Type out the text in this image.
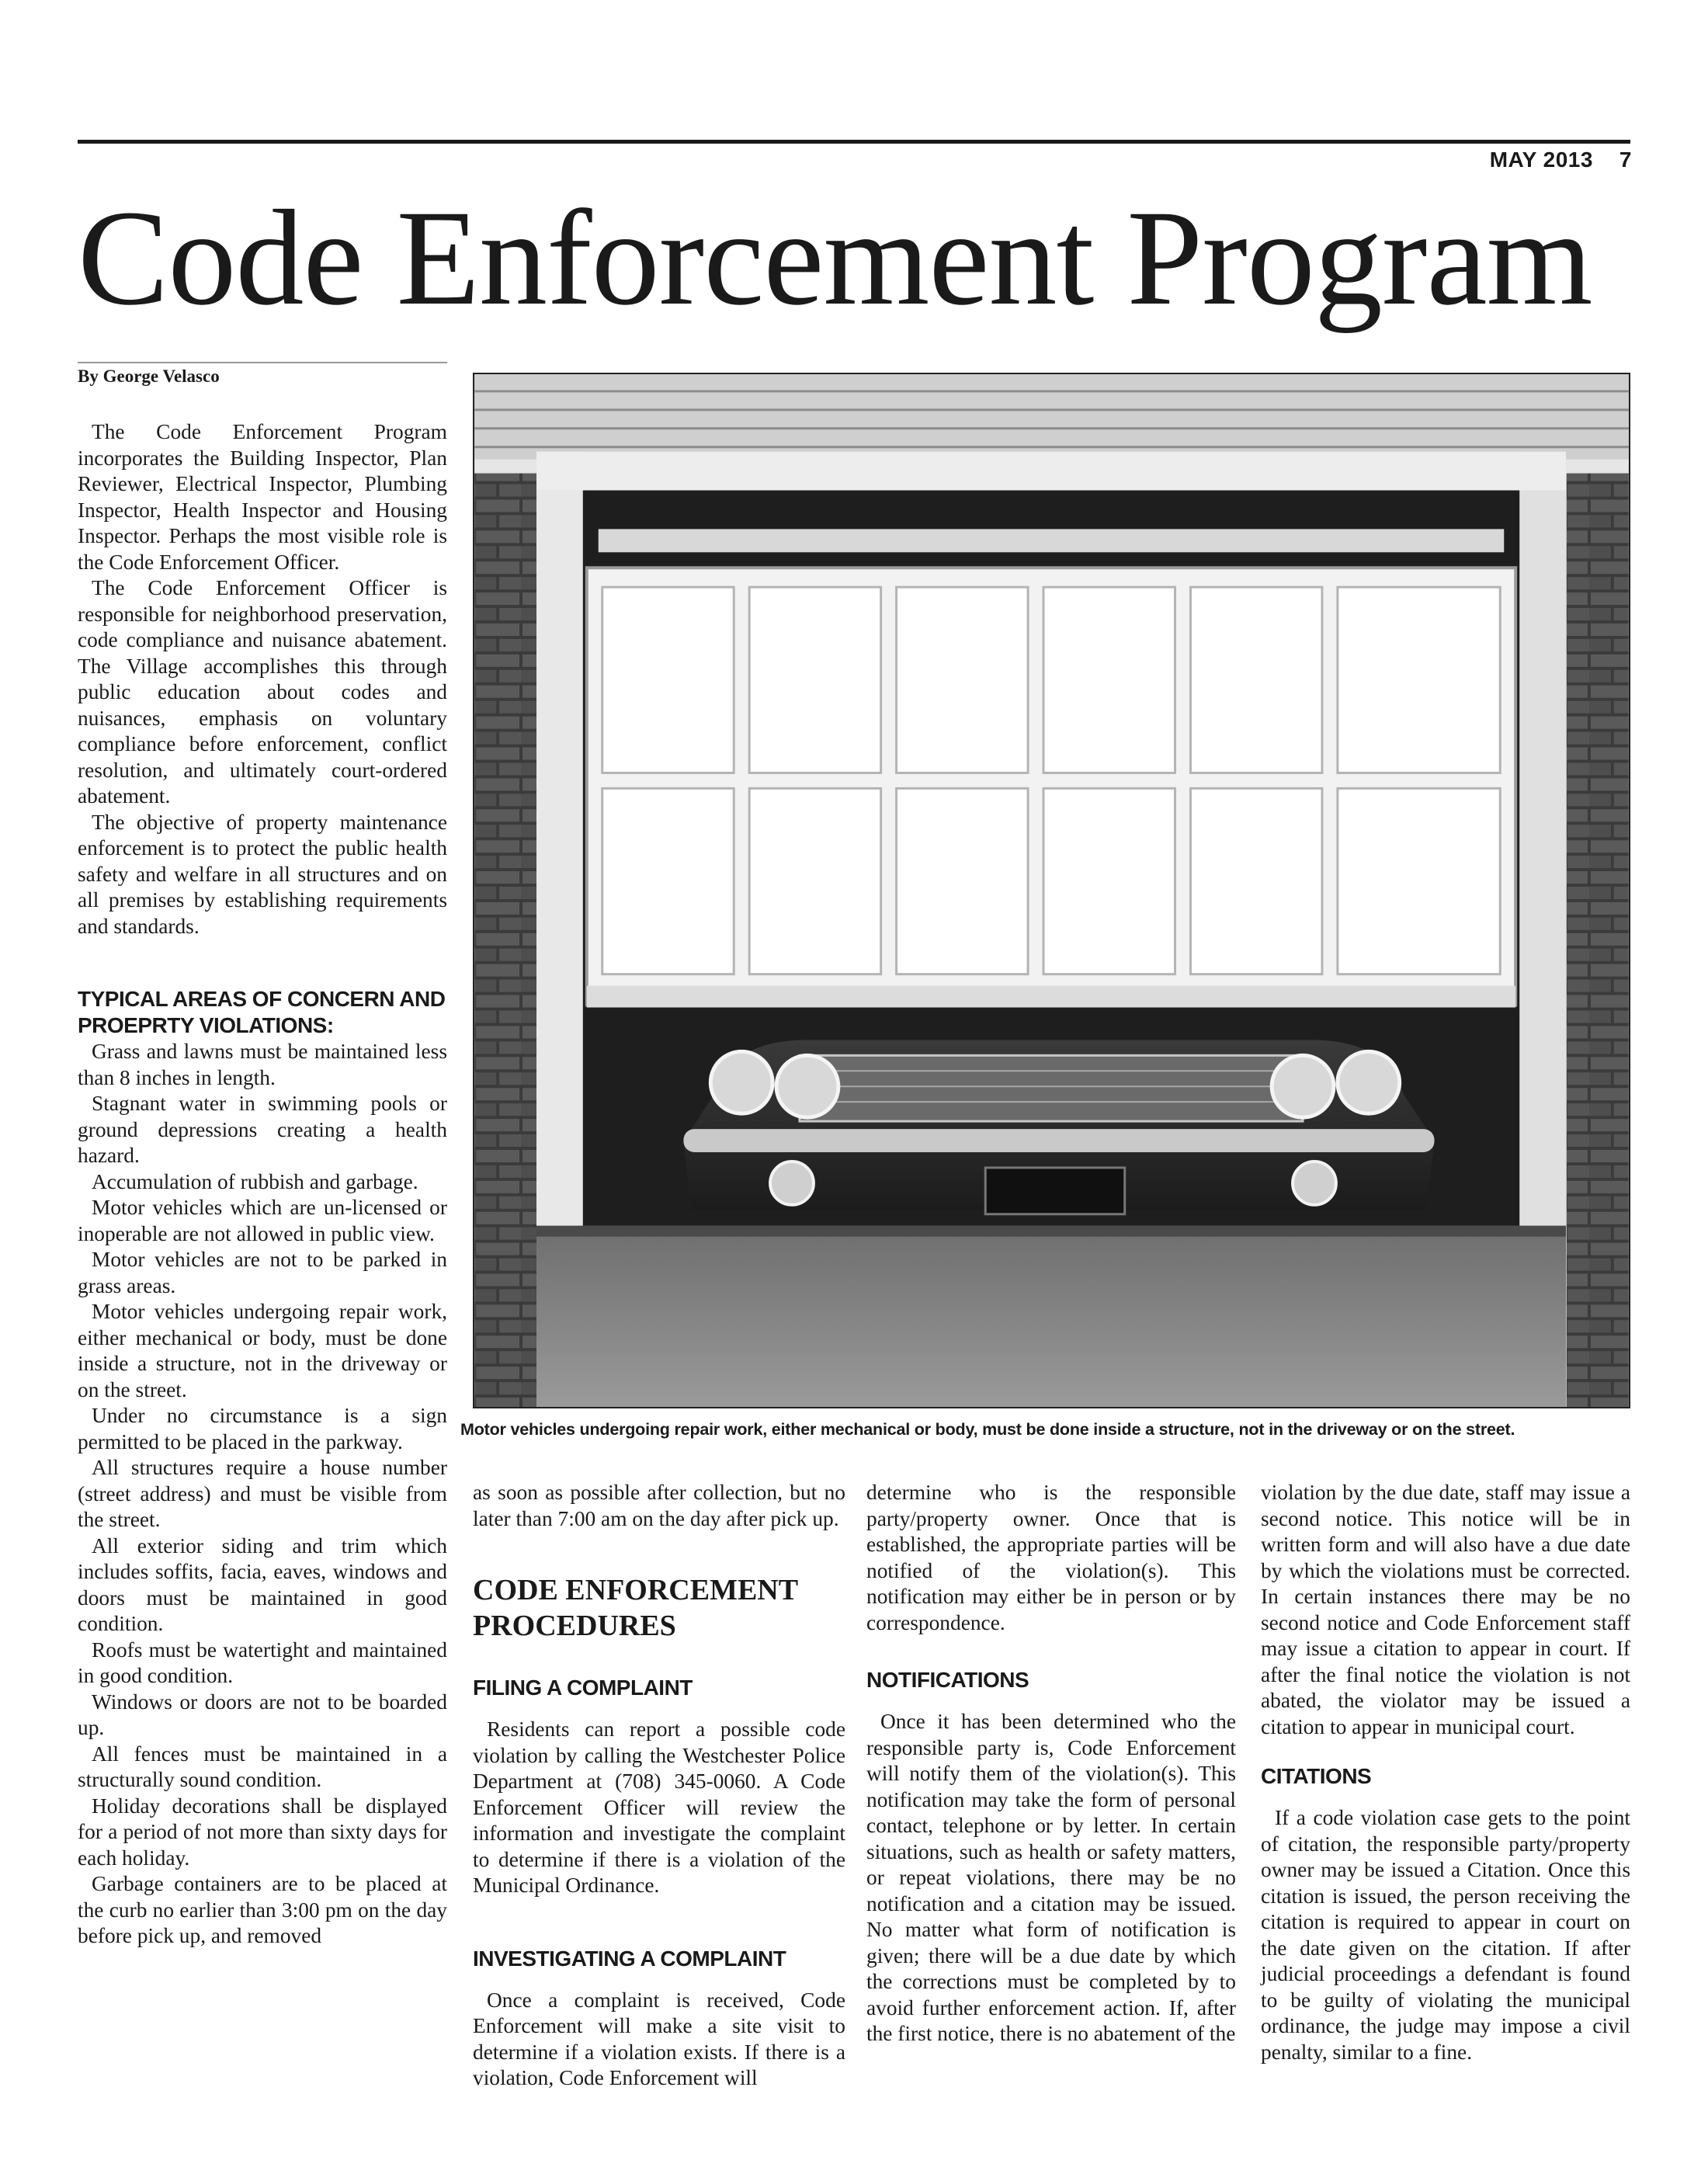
MAY 2013 7
Code Enforcement Program
By George Velasco

The Code Enforcement Program incorporates the Building Inspector, Plan Reviewer, Electrical Inspector, Plumbing Inspector, Health Inspector and Housing Inspector. Perhaps the most visible role is the Code Enforcement Officer.

The Code Enforcement Officer is responsible for neighborhood preservation, code compliance and nuisance abatement. The Village accomplishes this through public education about codes and nuisances, emphasis on voluntary compliance before enforcement, conflict resolution, and ultimately court-ordered abatement.

The objective of property maintenance enforcement is to protect the public health safety and welfare in all structures and on all premises by establishing requirements and standards.

TYPICAL AREAS OF CONCERN AND PROEPRTY VIOLATIONS:

Grass and lawns must be maintained less than 8 inches in length.

Stagnant water in swimming pools or ground depressions creating a health hazard.

Accumulation of rubbish and garbage.

Motor vehicles which are un-licensed or inoperable are not allowed in public view.

Motor vehicles are not to be parked in grass areas.

Motor vehicles undergoing repair work, either mechanical or body, must be done inside a structure, not in the driveway or on the street.

Under no circumstance is a sign permitted to be placed in the parkway.

All structures require a house number (street address) and must be visible from the street.

All exterior siding and trim which includes soffits, facia, eaves, windows and doors must be maintained in good condition.

Roofs must be watertight and maintained in good condition.

Windows or doors are not to be boarded up.

All fences must be maintained in a structurally sound condition.

Holiday decorations shall be displayed for a period of not more than sixty days for each holiday.

Garbage containers are to be placed at the curb no earlier than 3:00 pm on the day before pick up, and removed

Motor vehicles undergoing repair work, either mechanical or body, must be done inside a structure, not in the driveway or on the street.

as soon as possible after collection, but no later than 7:00 am on the day after pick up.

CODE ENFORCEMENT PROCEDURES
FILING A COMPLAINT

Residents can report a possible code violation by calling the Westchester Police Department at (708) 345-0060. A Code Enforcement Officer will review the information and investigate the complaint to determine if there is a violation of the Municipal Ordinance.

INVESTIGATING A COMPLAINT

Once a complaint is received, Code Enforcement will make a site visit to determine if a violation exists. If there is a violation, Code Enforcement will

determine who is the responsible party/property owner. Once that is established, the appropriate parties will be notified of the violation(s). This notification may either be in person or by correspondence.

NOTIFICATIONS

Once it has been determined who the responsible party is, Code Enforcement will notify them of the violation(s). This notification may take the form of personal contact, telephone or by letter. In certain situations, such as health or safety matters, or repeat violations, there may be no notification and a citation may be issued. No matter what form of notification is given; there will be a due date by which the corrections must be completed by to avoid further enforcement action. If, after the first notice, there is no abatement of the

violation by the due date, staff may issue a second notice. This notice will be in written form and will also have a due date by which the violations must be corrected. In certain instances there may be no second notice and Code Enforcement staff may issue a citation to appear in court. If after the final notice the violation is not abated, the violator may be issued a citation to appear in municipal court.

CITATIONS

If a code violation case gets to the point of citation, the responsible party/property owner may be issued a Citation. Once this citation is issued, the person receiving the citation is required to appear in court on the date given on the citation. If after judicial proceedings a defendant is found to be guilty of violating the municipal ordinance, the judge may impose a civil penalty, similar to a fine.
